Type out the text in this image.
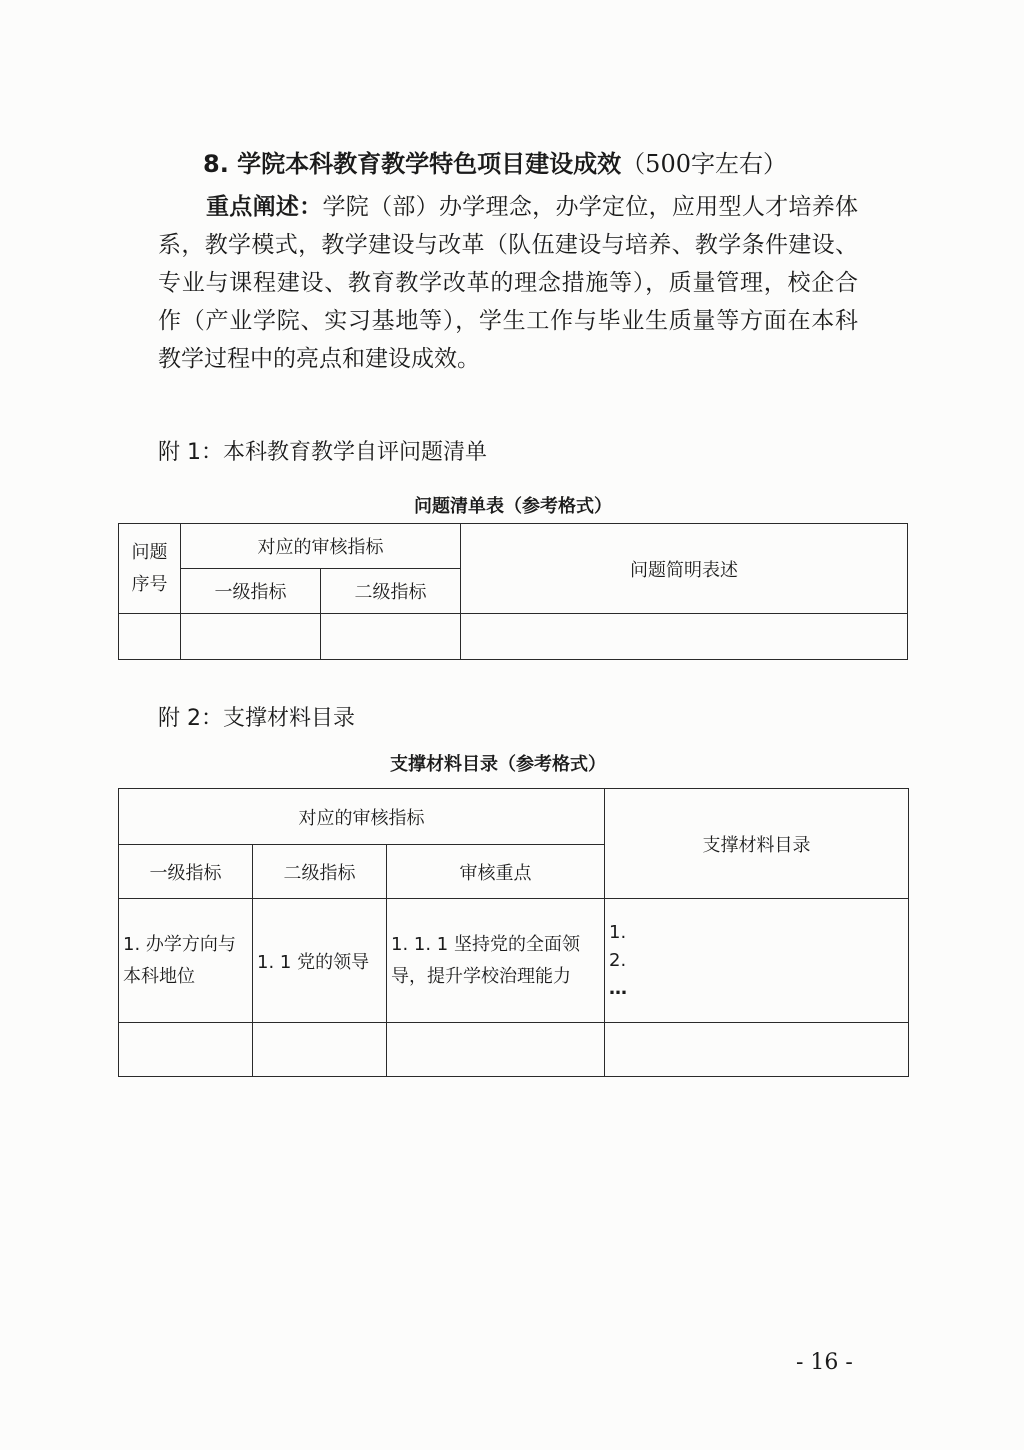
8. 学院本科教育教学特色项目建设成效（500字左右）
重点阐述：学院（部）办学理念，办学定位，应用型人才培养体系，教学模式，教学建设与改革（队伍建设与培养、教学条件建设、专业与课程建设、教育教学改革的理念措施等），质量管理，校企合作（产业学院、实习基地等），学生工作与毕业生质量等方面在本科教学过程中的亮点和建设成效。
附 1：本科教育教学自评问题清单
问题清单表（参考格式）
问题序号	对应的审核指标		问题简明表述
	一级指标	二级指标	

附 2：支撑材料目录
支撑材料目录（参考格式）
对应的审核指标			支撑材料目录
一级指标	二级指标	审核重点	
1. 办学方向与本科地位	1. 1 党的领导	1. 1. 1 坚持党的全面领导，提升学校治理能力	1.
2.
…

- 16 -
